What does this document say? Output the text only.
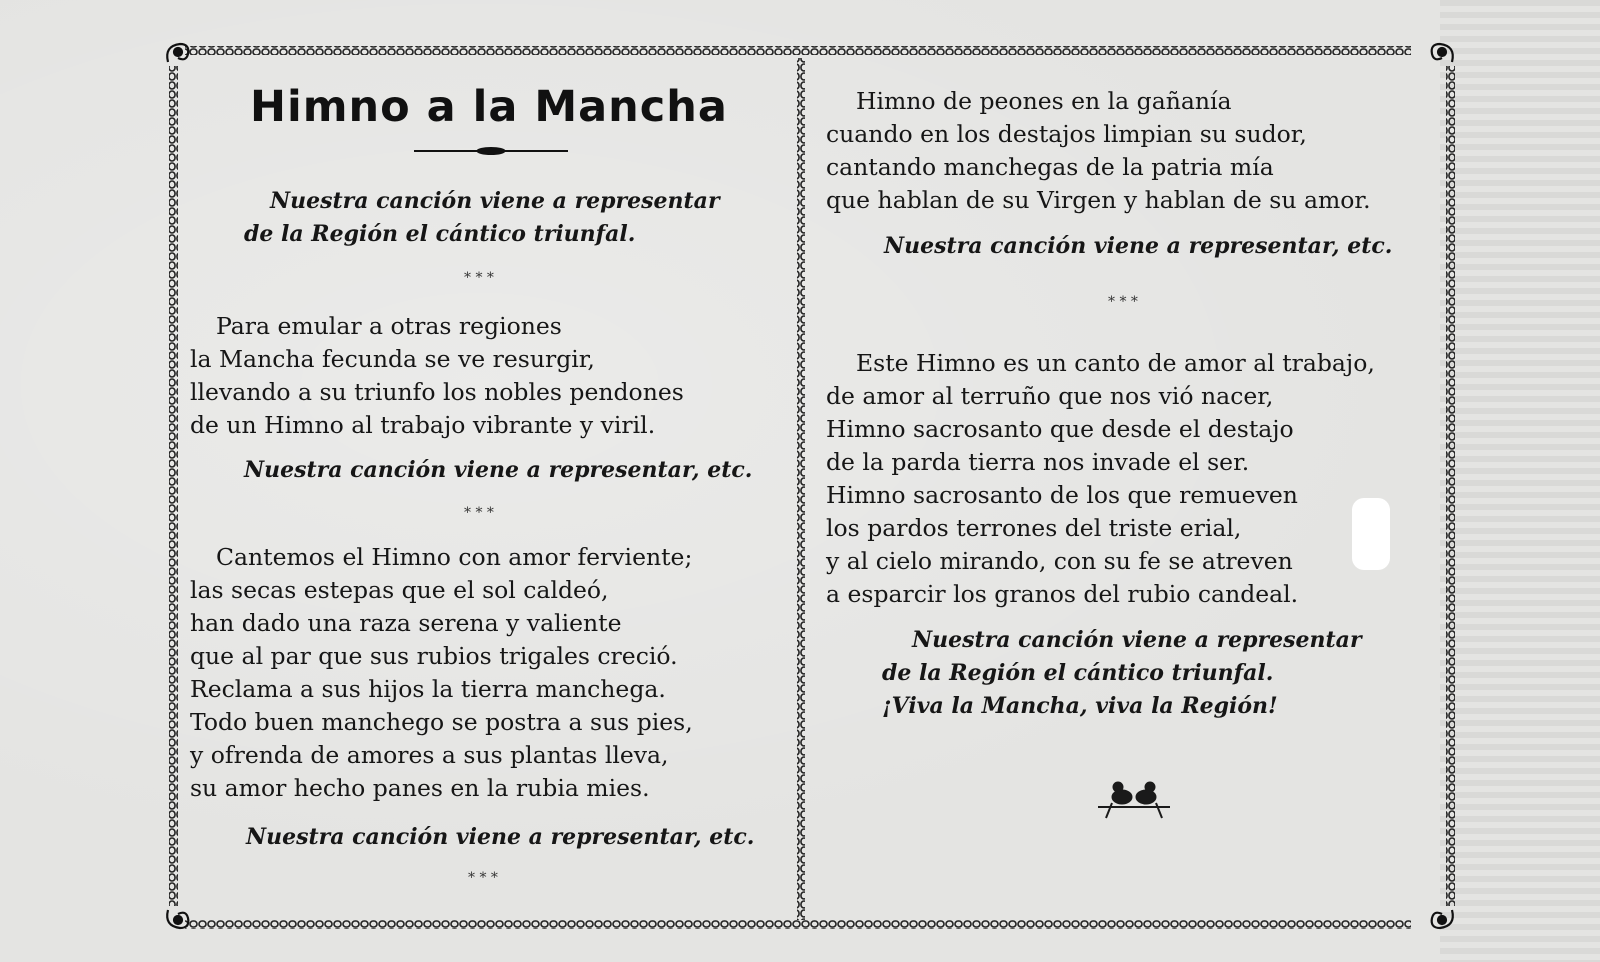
Himno a la Mancha
Nuestra canción viene a representar
de la Región el cántico triunfal.
* * *
Para emular a otras regiones
la Mancha fecunda se ve resurgir,
llevando a su triunfo los nobles pendones
de un Himno al trabajo vibrante y viril.
Nuestra canción viene a representar, etc.
* * *
Cantemos el Himno con amor ferviente;
las secas estepas que el sol caldeó,
han dado una raza serena y valiente
que al par que sus rubios trigales creció.
Reclama a sus hijos la tierra manchega.
Todo buen manchego se postra a sus pies,
y ofrenda de amores a sus plantas lleva,
su amor hecho panes en la rubia mies.
Nuestra canción viene a representar, etc.
* * *
Himno de peones en la gañanía
cuando en los destajos limpian su sudor,
cantando manchegas de la patria mía
que hablan de su Virgen y hablan de su amor.
Nuestra canción viene a representar, etc.
* * *
Este Himno es un canto de amor al trabajo,
de amor al terruño que nos vió nacer,
Himno sacrosanto que desde el destajo
de la parda tierra nos invade el ser.
Himno sacrosanto de los que remueven
los pardos terrones del triste erial,
y al cielo mirando, con su fe se atreven
a esparcir los granos del rubio candeal.
Nuestra canción viene a representar
de la Región el cántico triunfal.
¡Viva la Mancha, viva la Región!
